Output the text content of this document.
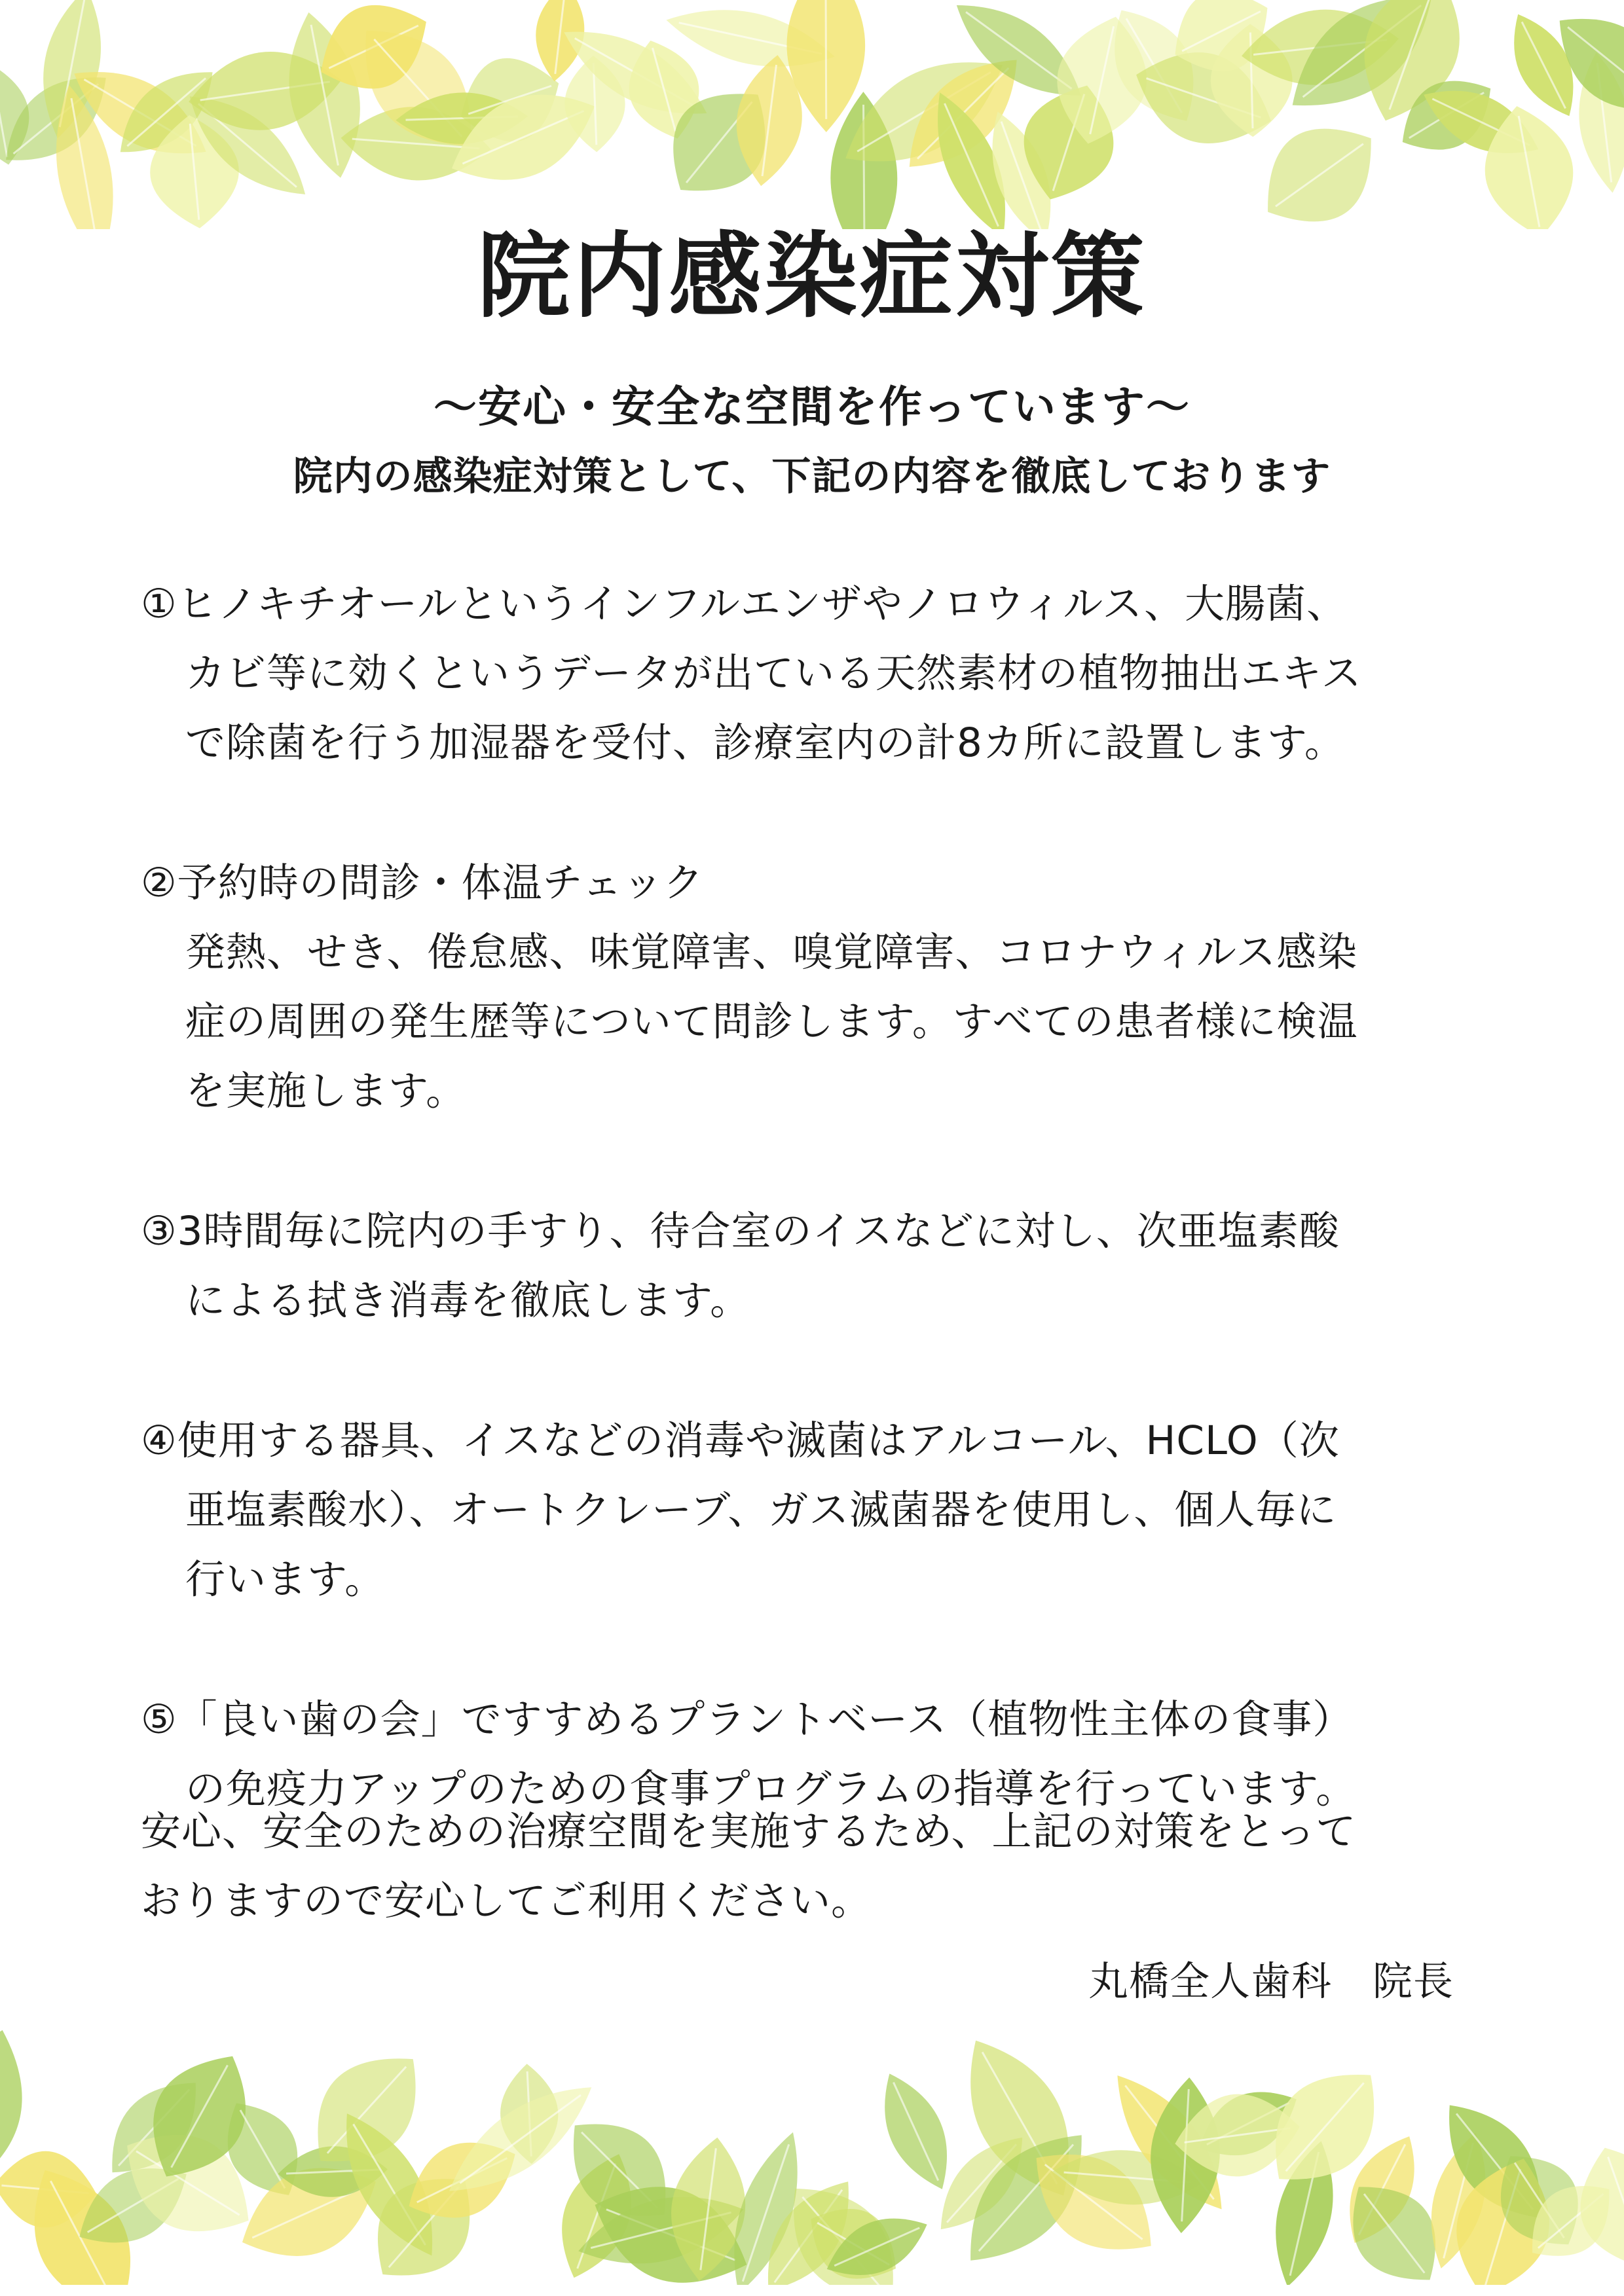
院内感染症対策
〜安心・安全な空間を作っています〜
院内の感染症対策として、下記の内容を徹底しております
①ヒノキチオールというインフルエンザやノロウィルス、大腸菌、
カビ等に効くというデータが出ている天然素材の植物抽出エキス
で除菌を行う加湿器を受付、診療室内の計8カ所に設置します。
②予約時の問診・体温チェック
発熱、せき、倦怠感、味覚障害、嗅覚障害、コロナウィルス感染
症の周囲の発生歴等について問診します。すべての患者様に検温
を実施します。
③3時間毎に院内の手すり、待合室のイスなどに対し、次亜塩素酸
による拭き消毒を徹底します。
④使用する器具、イスなどの消毒や滅菌はアルコール、HCLO（次
亜塩素酸水）、オートクレーブ、ガス滅菌器を使用し、個人毎に
行います。
⑤「良い歯の会」ですすめるプラントベース（植物性主体の食事）
の免疫力アップのための食事プログラムの指導を行っています。
安心、安全のための治療空間を実施するため、上記の対策をとって
おりますので安心してご利用ください。
丸橋全人歯科　院長
